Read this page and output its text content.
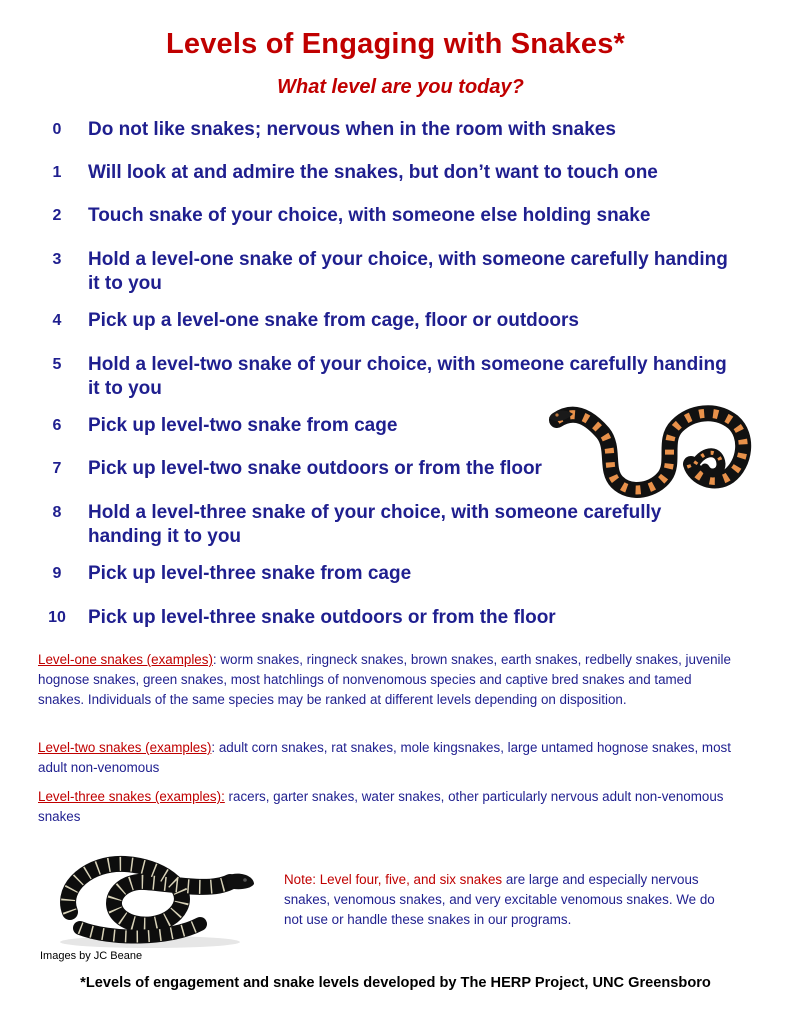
Levels of Engaging with Snakes*
What level are you today?
0	Do not like snakes; nervous when in the room with snakes
1	Will look at and admire the snakes, but don’t want to touch one
2	Touch snake of your choice, with someone else holding snake
3	Hold a level-one snake of your choice, with someone carefully handing it to you
4	Pick up a level-one snake from cage, floor or outdoors
5	Hold a level-two snake of your choice, with someone carefully handing it to you
6	Pick up level-two snake from cage
7	Pick up level-two snake outdoors or from the floor
8	Hold a level-three snake of your choice, with someone carefully handing it to you
9	Pick up level-three snake from cage
10	Pick up level-three snake outdoors or from the floor

Level-one snakes (examples): worm snakes, ringneck snakes, brown snakes, earth snakes, redbelly snakes, juvenile hognose snakes, green snakes, most hatchlings of nonvenomous species and captive bred snakes and tamed snakes. Individuals of the same species may be ranked at different levels depending on disposition.

Level-two snakes (examples): adult corn snakes, rat snakes, mole kingsnakes, large untamed hognose snakes, most adult non-venomous

Level-three snakes (examples): racers, garter snakes, water snakes, other particularly nervous adult non-venomous snakes

Note: Level four, five, and six snakes are large and especially nervous snakes, venomous snakes, and very excitable venomous snakes. We do not use or handle these snakes in our programs.

Images by JC Beane
*Levels of engagement and snake levels developed by The HERP Project, UNC Greensboro
